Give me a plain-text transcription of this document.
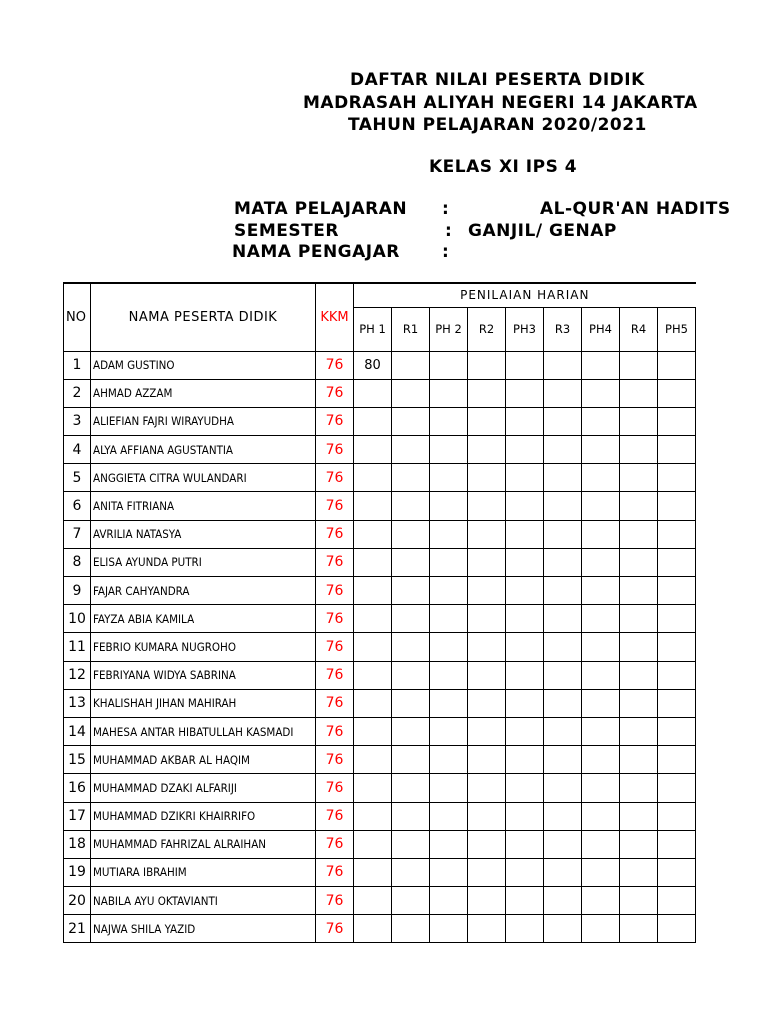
DAFTAR NILAI PESERTA DIDIK
MADRASAH ALIYAH NEGERI 14 JAKARTA
TAHUN PELAJARAN 2020/2021
KELAS XI IPS 4
MATA PELAJARAN :	AL-QUR'AN HADITS
SEMESTER	: GANJIL/ GENAP
NAMA PENGAJAR :
NO	NAMA PESERTA DIDIK	KKM	PENILAIAN HARIAN								
			PH 1	R1	PH 2	R2	PH3	R3	PH4	R4	PH5
1	ADAM GUSTINO	76	80								
2	AHMAD AZZAM	76									
3	ALIEFIAN FAJRI WIRAYUDHA	76									
4	ALYA AFFIANA AGUSTANTIA	76									
5	ANGGIETA CITRA WULANDARI	76									
6	ANITA FITRIANA	76									
7	AVRILIA NATASYA	76									
8	ELISA AYUNDA PUTRI	76									
9	FAJAR CAHYANDRA	76									
10	FAYZA ABIA KAMILA	76									
11	FEBRIO KUMARA NUGROHO	76									
12	FEBRIYANA WIDYA SABRINA	76									
13	KHALISHAH JIHAN MAHIRAH	76									
14	MAHESA ANTAR HIBATULLAH KASMADI	76									
15	MUHAMMAD AKBAR AL HAQIM	76									
16	MUHAMMAD DZAKI ALFARIJI	76									
17	MUHAMMAD DZIKRI KHAIRRIFO	76									
18	MUHAMMAD FAHRIZAL ALRAIHAN	76									
19	MUTIARA IBRAHIM	76									
20	NABILA AYU OKTAVIANTI	76									
21	NAJWA SHILA YAZID	76									
